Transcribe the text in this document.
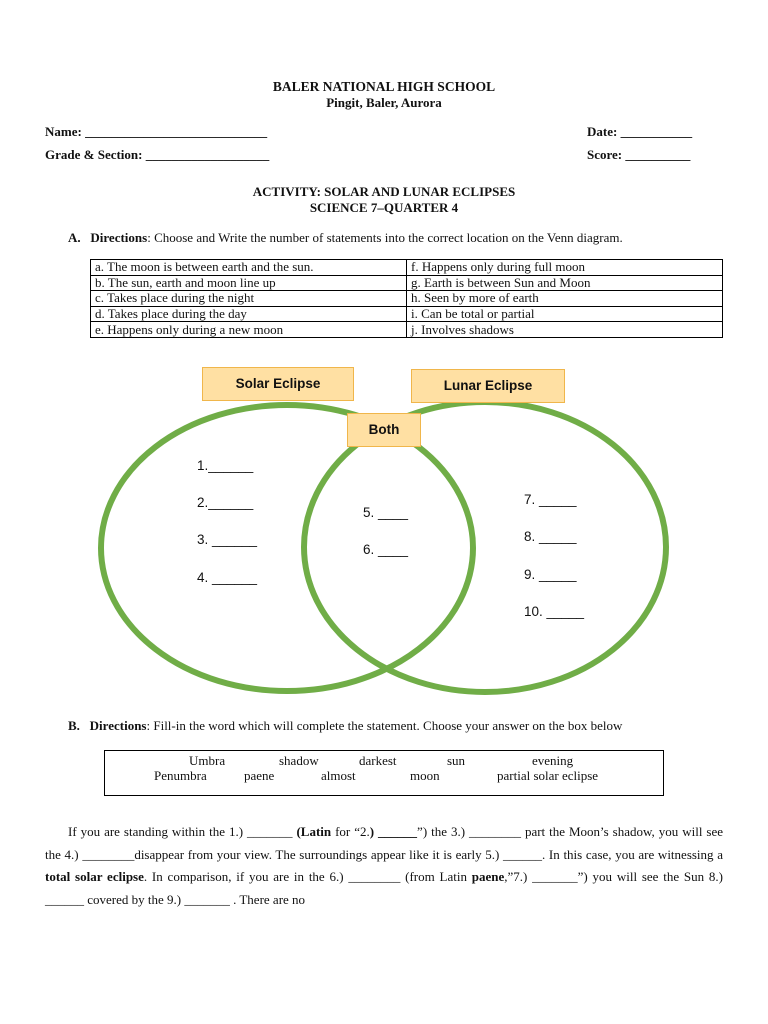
BALER NATIONAL HIGH SCHOOL
Pingit, Baler, Aurora
Name: ____________________________	Date: ___________
Grade & Section: ___________________	Score: __________
ACTIVITY: SOLAR AND LUNAR ECLIPSES
SCIENCE 7–QUARTER 4
A. Directions: Choose and Write the number of statements into the correct location on the Venn diagram.
a. The moon is between earth and the sun.	f. Happens only during full moon
b. The sun, earth and moon line up	g. Earth is between Sun and Moon
c. Takes place during the night	h. Seen by more of earth
d. Takes place during the day	i. Can be total or partial
e. Happens only during a new moon	j. Involves shadows
Solar Eclipse	Lunar Eclipse
Both
1.______
2.______
3. ______
4. ______
5. ____
6. ____
7. _____
8. _____
9. _____
10. _____
B. Directions: Fill-in the word which will complete the statement. Choose your answer on the box below
Umbra	shadow	darkest	sun	evening
Penumbra	paene	almost	moon	partial solar eclipse
If you are standing within the 1.) _______ (Latin for “2.) ______”) the 3.) ________ part the Moon’s shadow, you will see the 4.) ________disappear from your view. The surroundings appear like it is early 5.) ______. In this case, you are witnessing a total solar eclipse. In comparison, if you are in the 6.) ________ (from Latin paene,”7.) _______”) you will see the Sun 8.) ______ covered by the 9.) _______ . There are no
